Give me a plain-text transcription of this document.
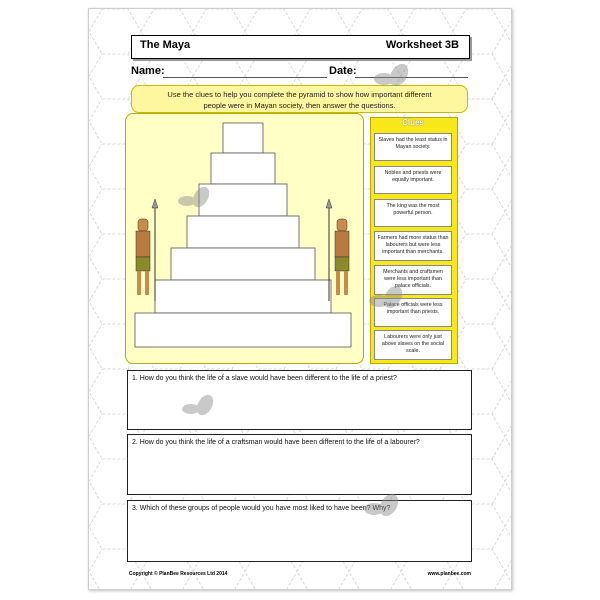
The Maya	Worksheet 3B
Name:	Date:
Use the clues to help you complete the pyramid to show how important different
people were in Mayan society, then answer the questions.
Clues
Slaves had the least status in Mayan society.
Nobles and priests were equally important.
The king was the most powerful person.
Farmers had more status than labourers but were less important than merchants.
Merchants and craftsmen were less important than palace officials.
Palace officials were less important than priests.
Labourers were only just above slaves on the social scale.
1. How do you think the life of a slave would have been different to the life of a priest?
2. How do you think the life of a craftsman would have been different to the life of a labourer?
3. Which of these groups of people would you have most liked to have been? Why?
Copyright © PlanBee Resources Ltd 2014	www.planbee.com
